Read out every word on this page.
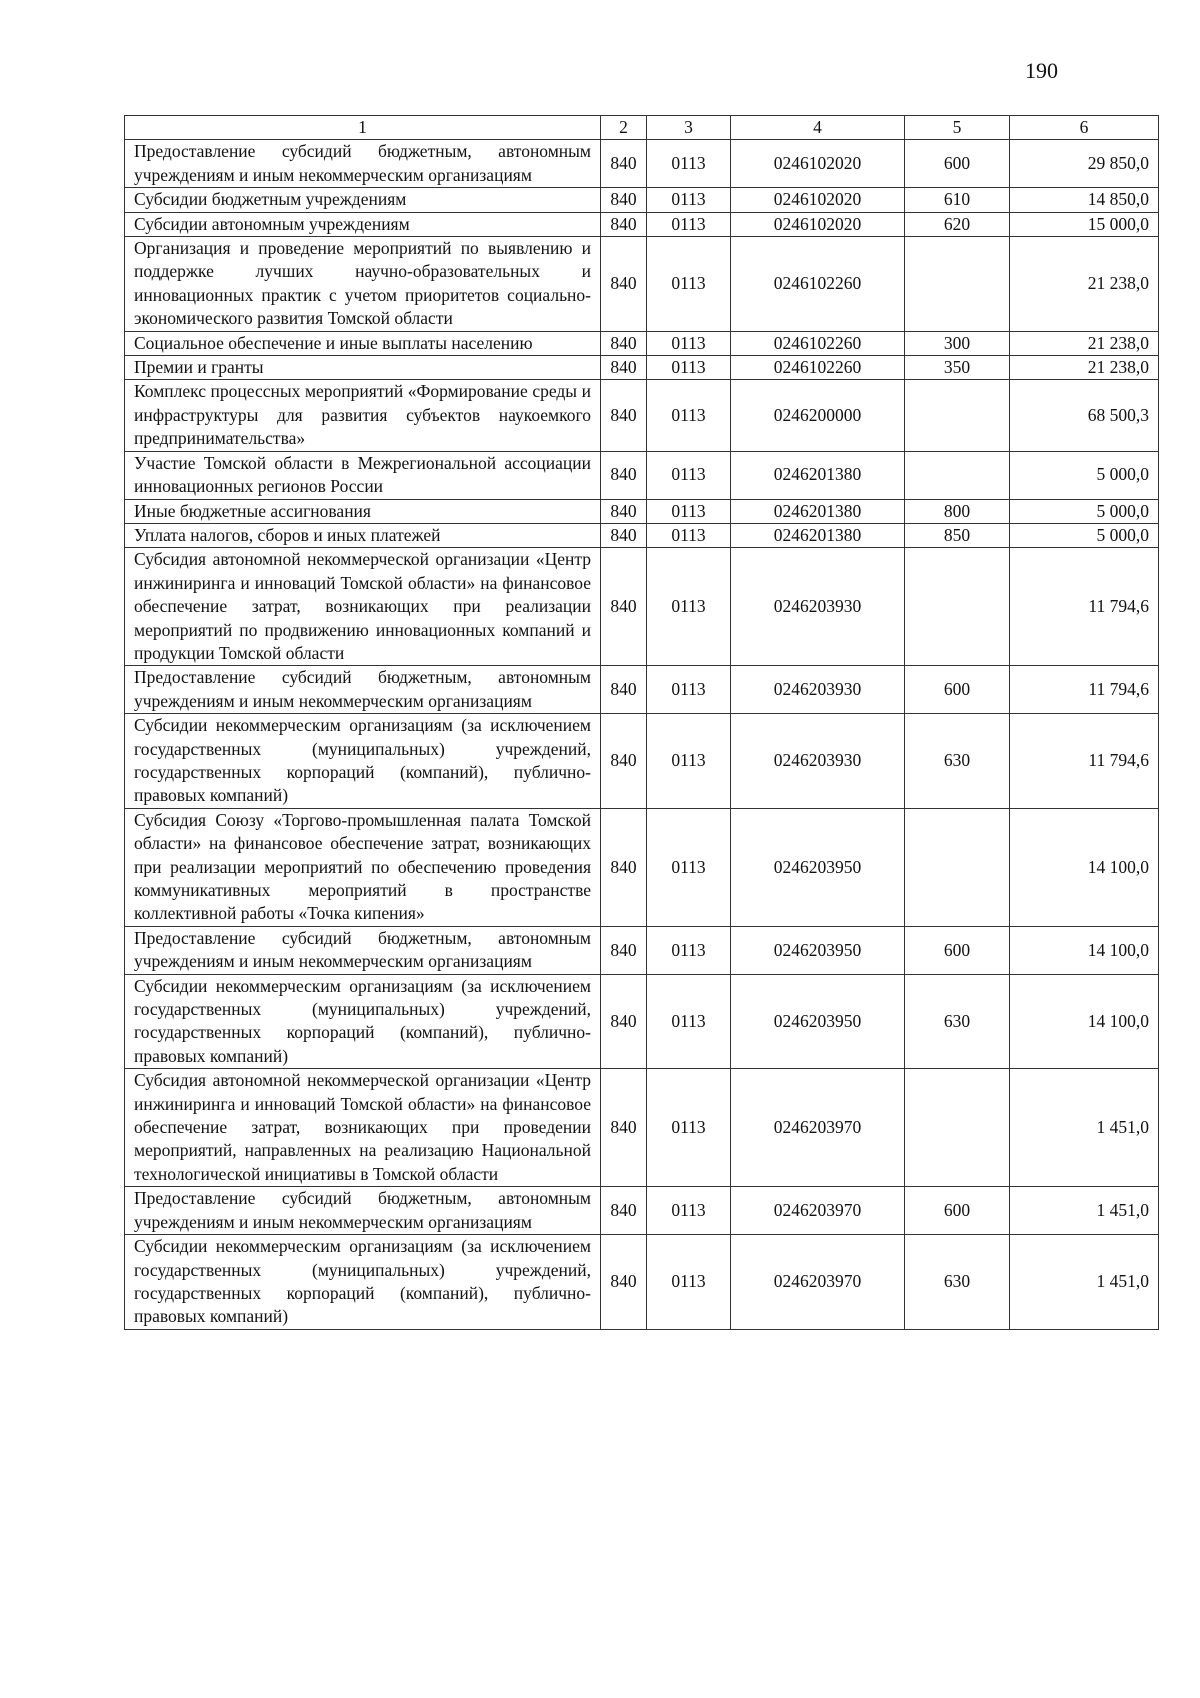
190
1	2	3	4	5	6
Предоставление субсидий бюджетным, автономным учреждениям и иным некоммерческим организациям	840	0113	0246102020	600	29 850,0
Субсидии бюджетным учреждениям	840	0113	0246102020	610	14 850,0
Субсидии автономным учреждениям	840	0113	0246102020	620	15 000,0
Организация и проведение мероприятий по выявлению и поддержке лучших научно-образовательных и инновационных практик с учетом приоритетов социально-экономического развития Томской области	840	0113	0246102260		21 238,0
Социальное обеспечение и иные выплаты населению	840	0113	0246102260	300	21 238,0
Премии и гранты	840	0113	0246102260	350	21 238,0
Комплекс процессных мероприятий «Формирование среды и инфраструктуры для развития субъектов наукоемкого предпринимательства»	840	0113	0246200000		68 500,3
Участие Томской области в Межрегиональной ассоциации инновационных регионов России	840	0113	0246201380		5 000,0
Иные бюджетные ассигнования	840	0113	0246201380	800	5 000,0
Уплата налогов, сборов и иных платежей	840	0113	0246201380	850	5 000,0
Субсидия автономной некоммерческой организации «Центр инжиниринга и инноваций Томской области» на финансовое обеспечение затрат, возникающих при реализации мероприятий по продвижению инновационных компаний и продукции Томской области	840	0113	0246203930		11 794,6
Предоставление субсидий бюджетным, автономным учреждениям и иным некоммерческим организациям	840	0113	0246203930	600	11 794,6
Субсидии некоммерческим организациям (за исключением государственных (муниципальных) учреждений, государственных корпораций (компаний), публично-правовых компаний)	840	0113	0246203930	630	11 794,6
Субсидия Союзу «Торгово-промышленная палата Томской области» на финансовое обеспечение затрат, возникающих при реализации мероприятий по обеспечению проведения коммуникативных мероприятий в пространстве коллективной работы «Точка кипения»	840	0113	0246203950		14 100,0
Предоставление субсидий бюджетным, автономным учреждениям и иным некоммерческим организациям	840	0113	0246203950	600	14 100,0
Субсидии некоммерческим организациям (за исключением государственных (муниципальных) учреждений, государственных корпораций (компаний), публично-правовых компаний)	840	0113	0246203950	630	14 100,0
Субсидия автономной некоммерческой организации «Центр инжиниринга и инноваций Томской области» на финансовое обеспечение затрат, возникающих при проведении мероприятий, направленных на реализацию Национальной технологической инициативы в Томской области	840	0113	0246203970		1 451,0
Предоставление субсидий бюджетным, автономным учреждениям и иным некоммерческим организациям	840	0113	0246203970	600	1 451,0
Субсидии некоммерческим организациям (за исключением государственных (муниципальных) учреждений, государственных корпораций (компаний), публично-правовых компаний)	840	0113	0246203970	630	1 451,0
